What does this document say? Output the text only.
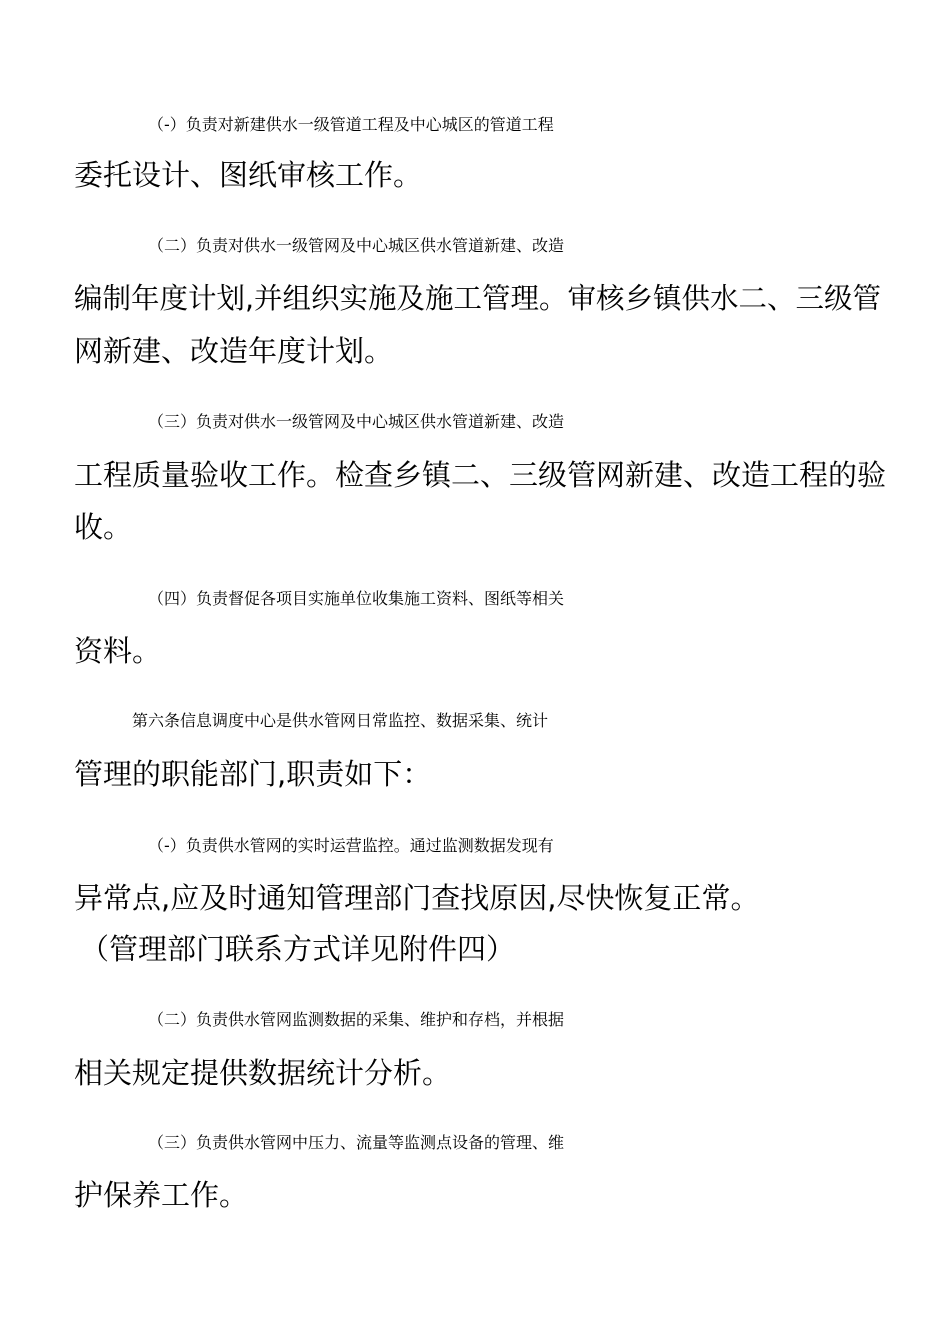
（-）负责对新建供水一级管道工程及中心城区的管道工程
委托设计、图纸审核工作。
（二）负责对供水一级管网及中心城区供水管道新建、改造
编制年度计划,并组织实施及施工管理。审核乡镇供水二、三级管
网新建、改造年度计划。
（三）负责对供水一级管网及中心城区供水管道新建、改造
工程质量验收工作。检查乡镇二、三级管网新建、改造工程的验
收。
（四）负责督促各项目实施单位收集施工资料、图纸等相关
资料。
第六条信息调度中心是供水管网日常监控、数据采集、统计
管理的职能部门,职责如下：
（-）负责供水管网的实时运营监控。通过监测数据发现有
异常点,应及时通知管理部门查找原因,尽快恢复正常。
（管理部门联系方式详见附件四）
（二）负责供水管网监测数据的采集、维护和存档，并根据
相关规定提供数据统计分析。
（三）负责供水管网中压力、流量等监测点设备的管理、维
护保养工作。
